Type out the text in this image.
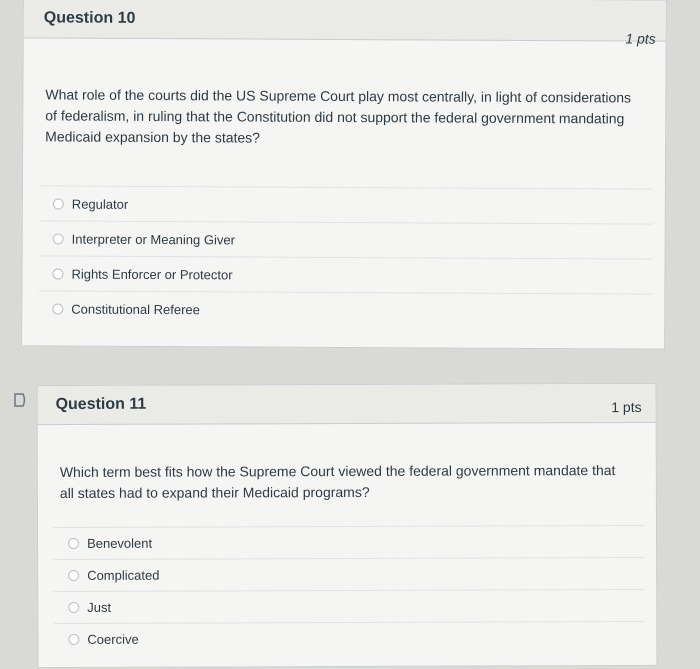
Question 10
1 pts
What role of the courts did the US Supreme Court play most centrally, in light of considerations of federalism, in ruling that the Constitution did not support the federal government mandating Medicaid expansion by the states?
Regulator
Interpreter or Meaning Giver
Rights Enforcer or Protector
Constitutional Referee
Question 11	1 pts
Which term best fits how the Supreme Court viewed the federal government mandate that all states had to expand their Medicaid programs?
Benevolent
Complicated
Just
Coercive
